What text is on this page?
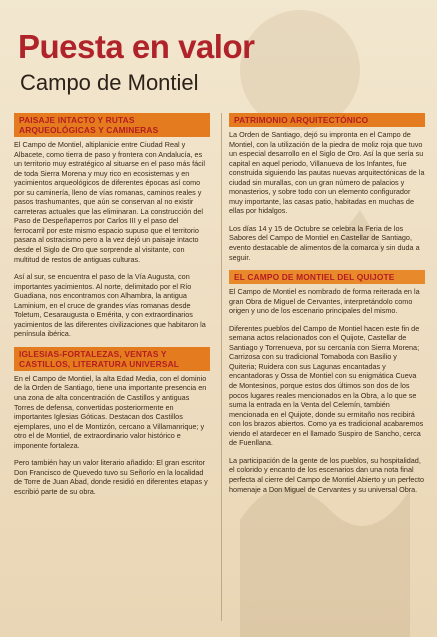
Puesta en valor
Campo de Montiel
PAISAJE INTACTO Y RUTAS ARQUEOLÓGICAS Y CAMINERAS

El Campo de Montiel, altiplanicie entre Ciudad Real y Albacete, como tierra de paso y frontera con Andalucía, es un territorio muy estratégico al situarse en el paso más fácil de toda Sierra Morena y muy rico en ecosistemas y en yacimientos arqueológicos de diferentes épocas así como por su caminería, lleno de vías romanas, caminos reales y pasos trashumantes, que aún se conservan al no existir carreteras actuales que las eliminaran. La construcción del Paso de Despeñaperros por Carlos III y el paso del ferrocarril por este mismo espacio supuso que el territorio pasara al ostracismo pero a la vez dejó un paisaje intacto desde el Siglo de Oro que sorprende al visitante, con multitud de restos de antiguas culturas.

Así al sur, se encuentra el paso de la Vía Augusta, con importantes yacimientos. Al norte, delimitado por el Río Guadiana, nos encontramos con Alhambra, la antigua Laminium, en el cruce de grandes vías romanas desde Toletum, Cesaraugusta o Emérita, y con extraordinarios yacimientos de las diferentes civilizaciones que habitaron la península ibérica.

IGLESIAS-FORTALEZAS, VENTAS Y CASTILLOS, LITERATURA UNIVERSAL

En el Campo de Montiel, la alta Edad Media, con el dominio de la Orden de Santiago, tiene una importante presencia en una zona de alta concentración de Castillos y antiguas Torres de defensa, convertidas posteriormente en importantes Iglesias Góticas. Destacan dos Castillos ejemplares, uno el de Montizón, cercano a Villamanrique; y otro el de Montiel, de extraordinario valor histórico e imponente fortaleza.

Pero también hay un valor literario añadido: El gran escritor Don Francisco de Quevedo tuvo su Señorío en la localidad de Torre de Juan Abad, donde residió en diferentes etapas y escribió parte de su obra.

PATRIMONIO ARQUITECTÓNICO

La Orden de Santiago, dejó su impronta en el Campo de Montiel, con la utilización de la piedra de moliz roja que tuvo un especial desarrollo en el Siglo de Oro. Así la que sería su capital en aquel periodo, Villanueva de los Infantes, fue construida siguiendo las pautas nuevas arquitectónicas de la ciudad sin murallas, con un gran número de palacios y monasterios, y sobre todo con un elemento configurador muy importante, las casas patio, habitadas en muchas de ellas por hidalgos.

Los días 14 y 15 de Octubre se celebra la Feria de los Sabores del Campo de Montiel en Castellar de Santiago, evento destacable de alimentos de la comarca y sin duda a seguir.

EL CAMPO DE MONTIEL DEL QUIJOTE

El Campo de Montiel es nombrado de forma reiterada en la gran Obra de Miguel de Cervantes, interpretándolo como origen y uno de los escenario principales del mismo.

Diferentes pueblos del Campo de Montiel hacen este fin de semana actos relacionados con el Quijote, Castellar de Santiago y Torrenueva, por su cercanía con Sierra Morena; Carrizosa con su tradicional Tomaboda con Basilio y Quiteria; Ruidera con sus Lagunas encantadas y encantadoras y Ossa de Montiel con su enigmática Cueva de Montesinos, porque estos dos últimos son dos de los pocos lugares reales mencionados en la Obra, a lo que se suma la entrada en la Venta del Celemín, también mencionada en el Quijote, donde su ermitaño nos recibirá con los brazos abiertos. Como ya es tradicional acabaremos viendo el atardecer en el llamado Suspiro de Sancho, cerca de Fuenllana.

La participación de la gente de los pueblos, su hospitalidad, el colorido y encanto de los escenarios dan una nota final perfecta al cierre del Campo de Montiel Abierto y un perfecto homenaje a Don Miguel de Cervantes y su universal Obra.
